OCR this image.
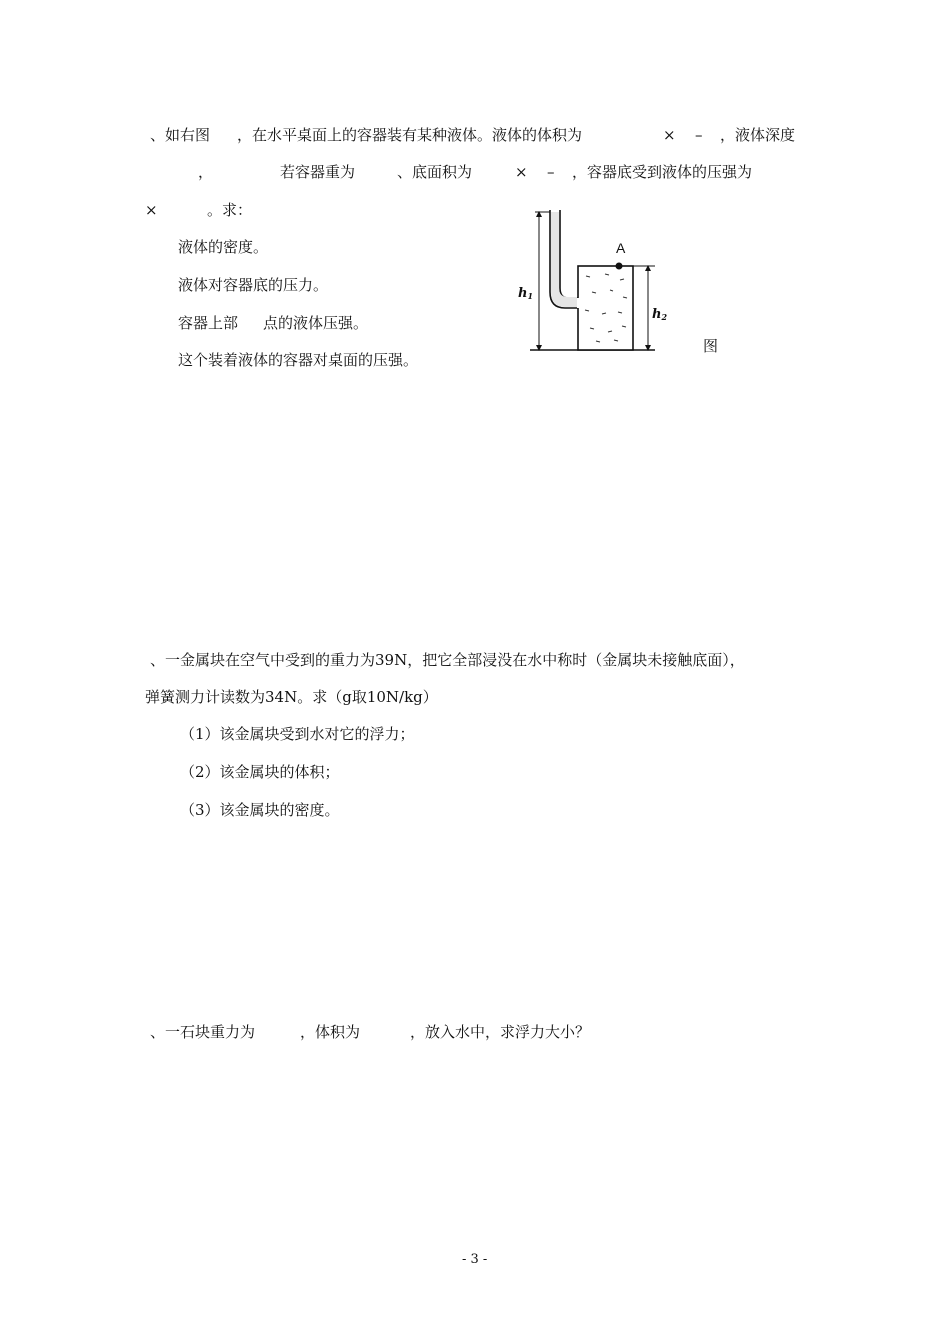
、如右图 ，在水平桌面上的容器装有某种液体。液体的体积为	× – ，液体深度
，	若容器重为	、底面积为	× – ，容器底受到液体的压强为
×	。求：
液体的密度。
液体对容器底的压力。
容器上部 点的液体压强。
这个装着液体的容器对桌面的压强。
A
h1
h2
图
、一金属块在空气中受到的重力为39N，把它全部浸没在水中称时（金属块未接触底面），
弹簧测力计读数为34N。求（g取10N/kg）
（1）该金属块受到水对它的浮力；
（2）该金属块的体积；
（3）该金属块的密度。
、一石块重力为	，体积为	，放入水中，求浮力大小？
- 3 -
